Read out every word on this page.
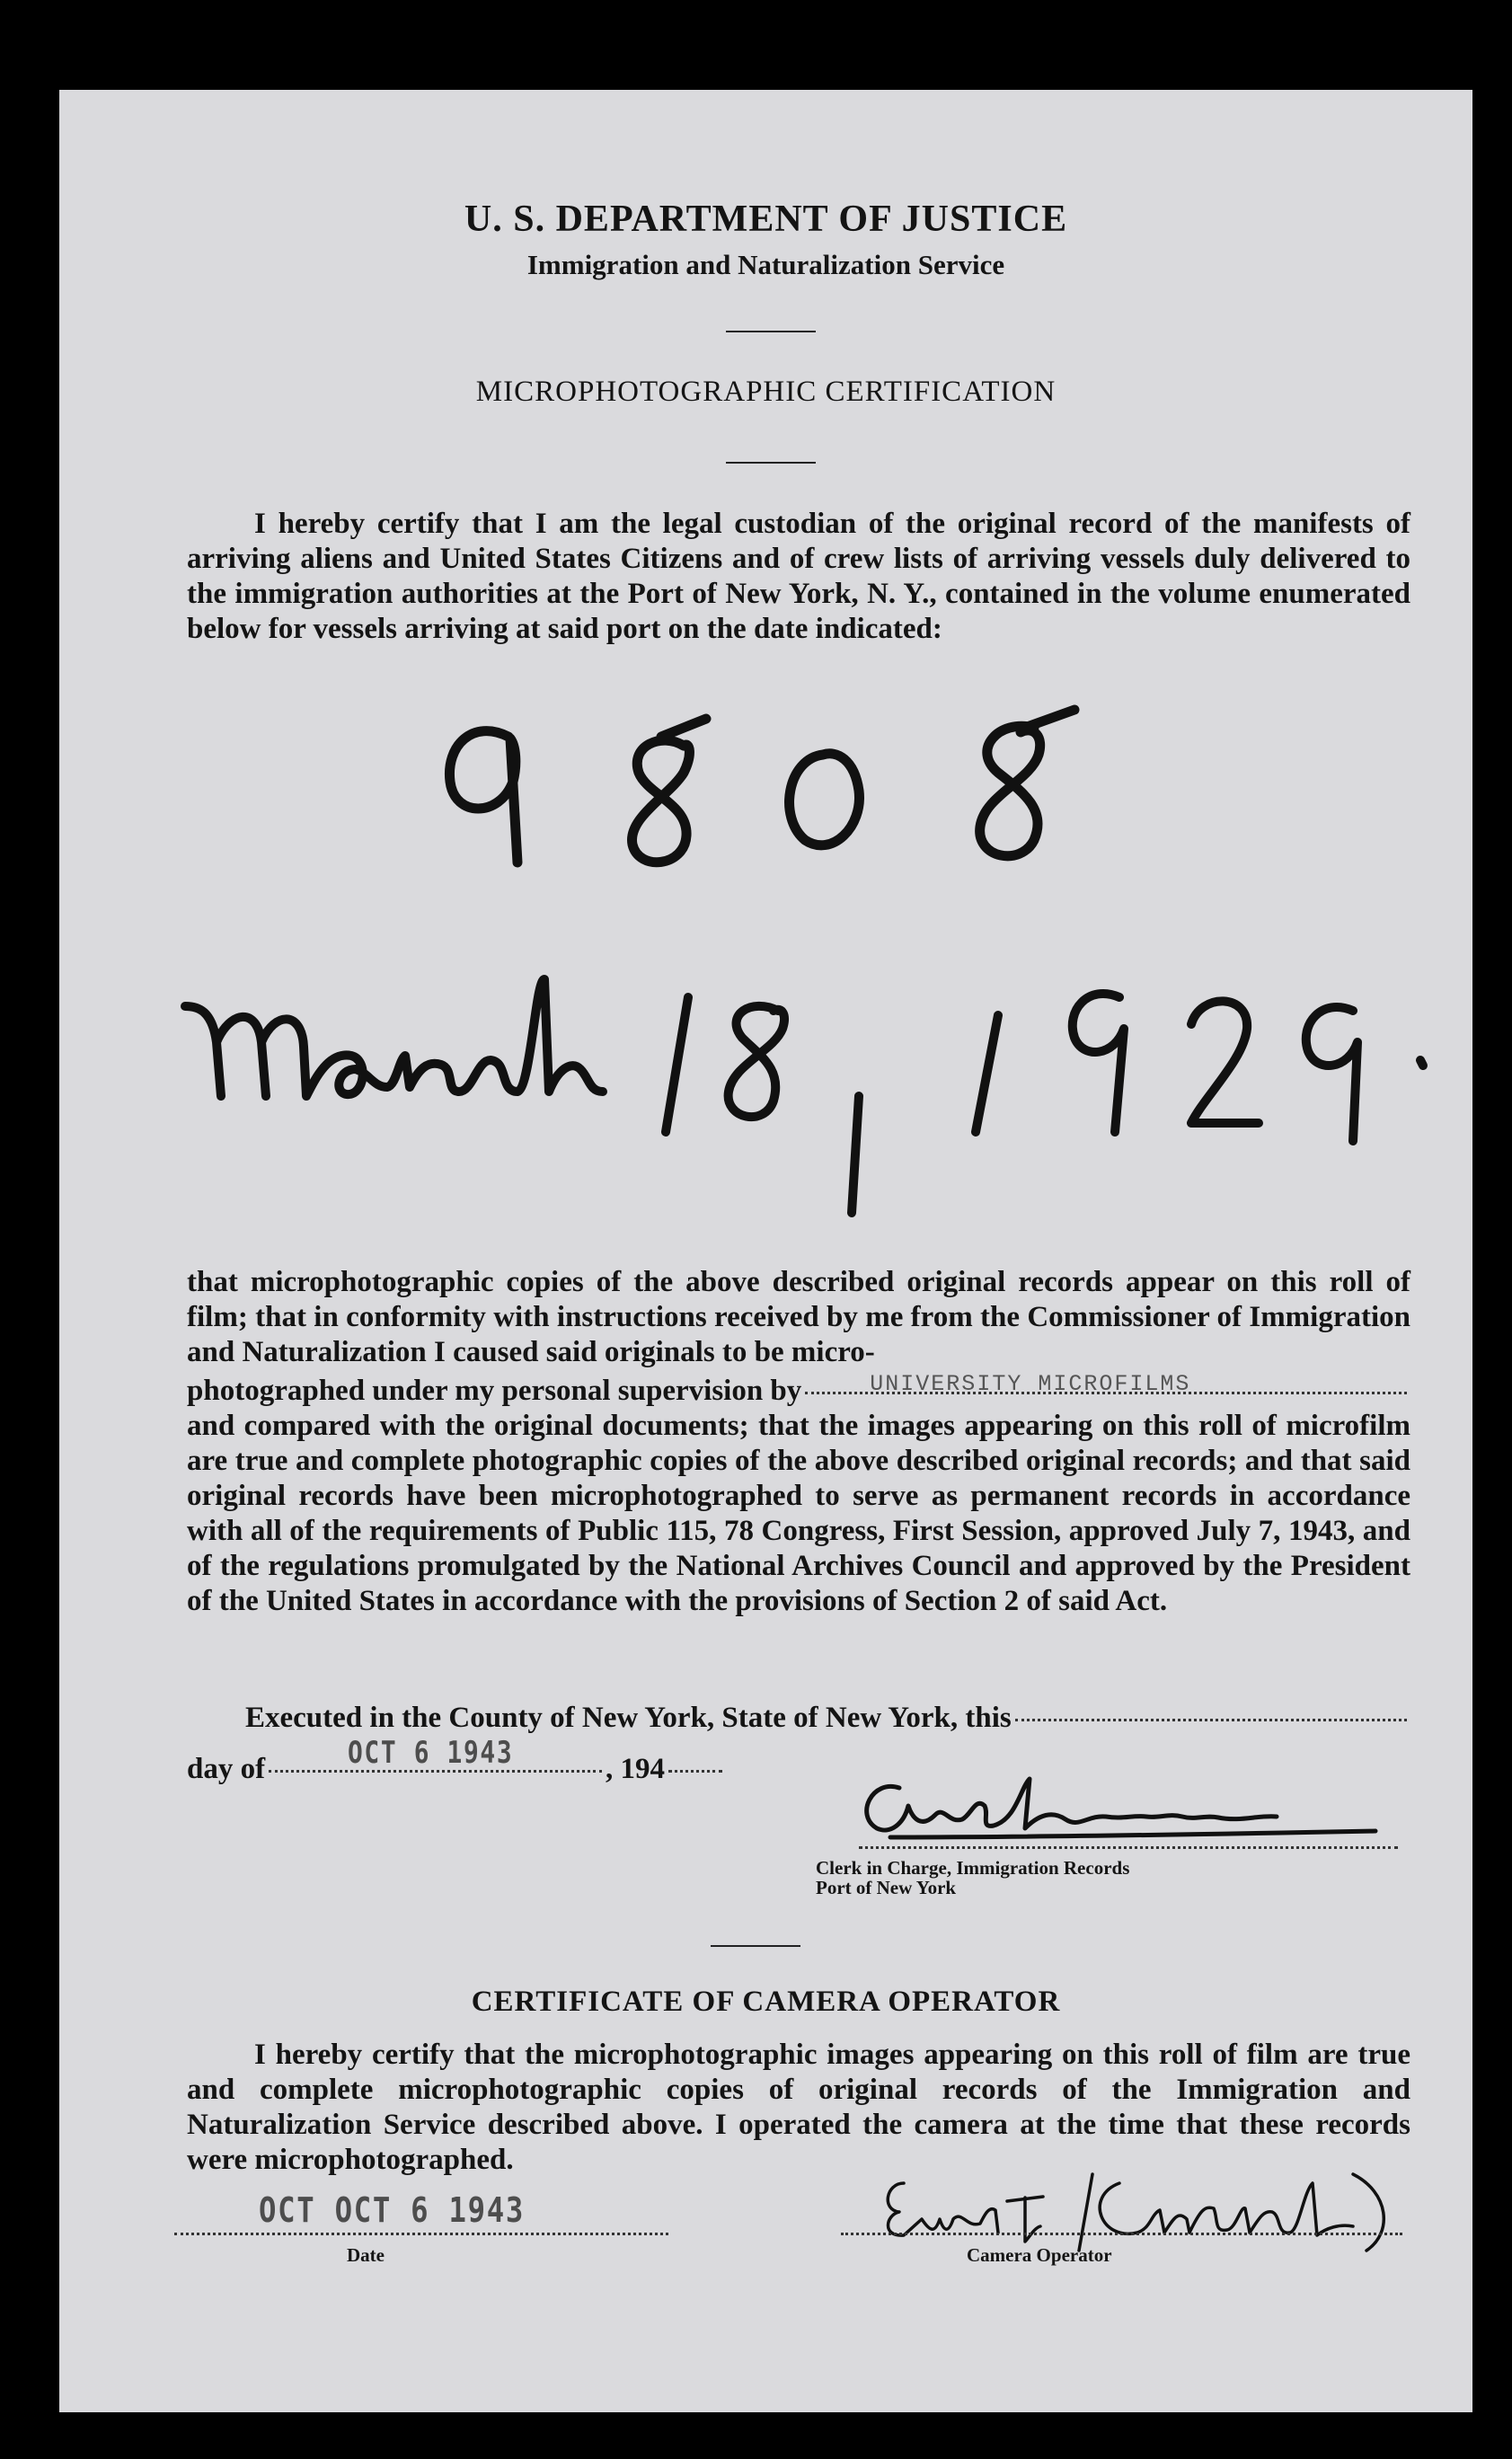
U. S. DEPARTMENT OF JUSTICE
Immigration and Naturalization Service
MICROPHOTOGRAPHIC CERTIFICATION
I hereby certify that I am the legal custodian of the original record of the manifests of arriving aliens and United States Citizens and of crew lists of arriving vessels duly delivered to the immigration authorities at the Port of New York, N. Y., contained in the volume enumerated below for vessels arriving at said port on the date indicated:
that microphotographic copies of the above described original records appear on this roll of film; that in conformity with instructions received by me from the Commissioner of Immigration and Naturalization I caused said originals to be micro-
photographed under my personal supervision by	UNIVERSITY MICROFILMS
and compared with the original documents; that the images appearing on this roll of microfilm are true and complete photographic copies of the above described original records; and that said original records have been microphotographed to serve as permanent records in accordance with all of the requirements of Public 115, 78 Congress, First Session, approved July 7, 1943, and of the regulations promulgated by the National Archives Council and approved by the President of the United States in accordance with the provisions of Section 2 of said Act.
Executed in the County of New York, State of New York, this
day of	OCT 6 1943	, 194
Clerk in Charge, Immigration Records
Port of New York
CERTIFICATE OF CAMERA OPERATOR
I hereby certify that the microphotographic images appearing on this roll of film are true and complete microphotographic copies of original records of the Immigration and Naturalization Service described above. I operated the camera at the time that these records were microphotographed.
OCT OCT 6 1943
Date	Camera Operator
